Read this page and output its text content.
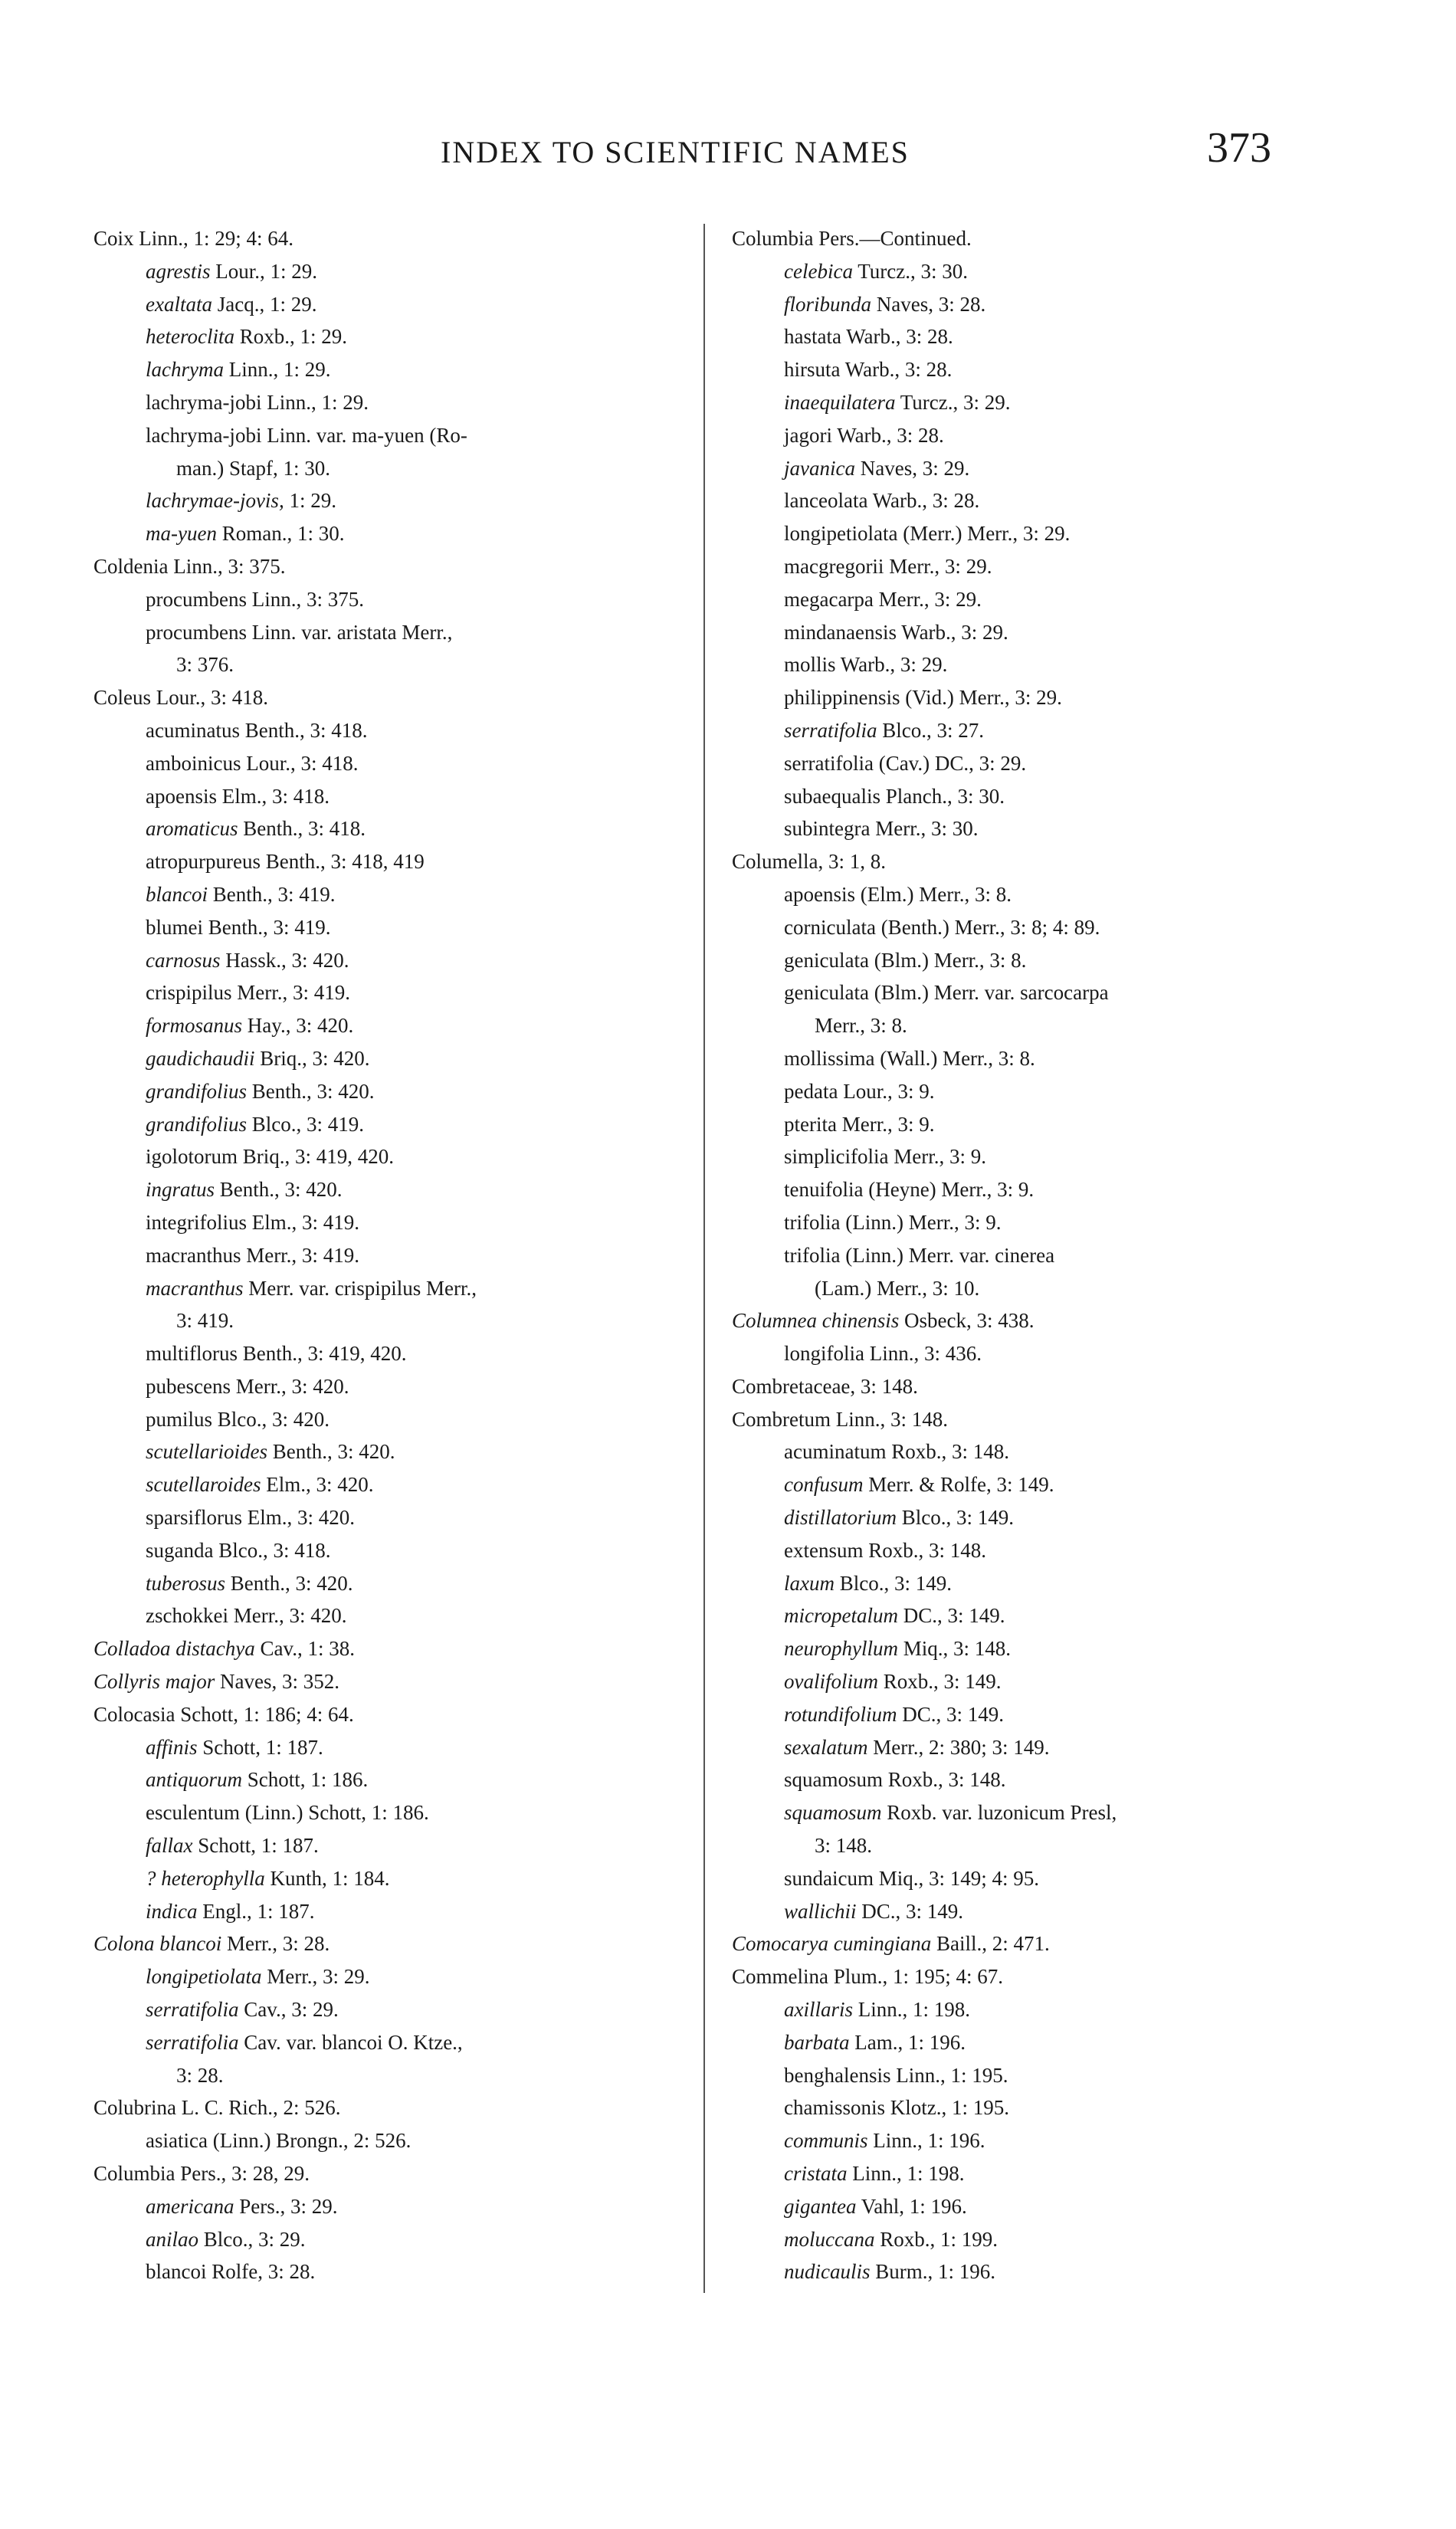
INDEX TO SCIENTIFIC NAMES	373
Coix Linn., 1: 29; 4: 64.
agrestis Lour., 1: 29.
exaltata Jacq., 1: 29.
heteroclita Roxb., 1: 29.
lachryma Linn., 1: 29.
lachryma-jobi Linn., 1: 29.
lachryma-jobi Linn. var. ma-yuen (Ro-
man.) Stapf, 1: 30.
lachrymae-jovis, 1: 29.
ma-yuen Roman., 1: 30.
Coldenia Linn., 3: 375.
procumbens Linn., 3: 375.
procumbens Linn. var. aristata Merr.,
3: 376.
Coleus Lour., 3: 418.
acuminatus Benth., 3: 418.
amboinicus Lour., 3: 418.
apoensis Elm., 3: 418.
aromaticus Benth., 3: 418.
atropurpureus Benth., 3: 418, 419
blancoi Benth., 3: 419.
blumei Benth., 3: 419.
carnosus Hassk., 3: 420.
crispipilus Merr., 3: 419.
formosanus Hay., 3: 420.
gaudichaudii Briq., 3: 420.
grandifolius Benth., 3: 420.
grandifolius Blco., 3: 419.
igolotorum Briq., 3: 419, 420.
ingratus Benth., 3: 420.
integrifolius Elm., 3: 419.
macranthus Merr., 3: 419.
macranthus Merr. var. crispipilus Merr.,
3: 419.
multiflorus Benth., 3: 419, 420.
pubescens Merr., 3: 420.
pumilus Blco., 3: 420.
scutellarioides Benth., 3: 420.
scutellaroides Elm., 3: 420.
sparsiflorus Elm., 3: 420.
suganda Blco., 3: 418.
tuberosus Benth., 3: 420.
zschokkei Merr., 3: 420.
Colladoa distachya Cav., 1: 38.
Collyris major Naves, 3: 352.
Colocasia Schott, 1: 186; 4: 64.
affinis Schott, 1: 187.
antiquorum Schott, 1: 186.
esculentum (Linn.) Schott, 1: 186.
fallax Schott, 1: 187.
? heterophylla Kunth, 1: 184.
indica Engl., 1: 187.
Colona blancoi Merr., 3: 28.
longipetiolata Merr., 3: 29.
serratifolia Cav., 3: 29.
serratifolia Cav. var. blancoi O. Ktze.,
3: 28.
Colubrina L. C. Rich., 2: 526.
asiatica (Linn.) Brongn., 2: 526.
Columbia Pers., 3: 28, 29.
americana Pers., 3: 29.
anilao Blco., 3: 29.
blancoi Rolfe, 3: 28.
Columbia Pers.—Continued.
celebica Turcz., 3: 30.
floribunda Naves, 3: 28.
hastata Warb., 3: 28.
hirsuta Warb., 3: 28.
inaequilatera Turcz., 3: 29.
jagori Warb., 3: 28.
javanica Naves, 3: 29.
lanceolata Warb., 3: 28.
longipetiolata (Merr.) Merr., 3: 29.
macgregorii Merr., 3: 29.
megacarpa Merr., 3: 29.
mindanaensis Warb., 3: 29.
mollis Warb., 3: 29.
philippinensis (Vid.) Merr., 3: 29.
serratifolia Blco., 3: 27.
serratifolia (Cav.) DC., 3: 29.
subaequalis Planch., 3: 30.
subintegra Merr., 3: 30.
Columella, 3: 1, 8.
apoensis (Elm.) Merr., 3: 8.
corniculata (Benth.) Merr., 3: 8; 4: 89.
geniculata (Blm.) Merr., 3: 8.
geniculata (Blm.) Merr. var. sarcocarpa
Merr., 3: 8.
mollissima (Wall.) Merr., 3: 8.
pedata Lour., 3: 9.
pterita Merr., 3: 9.
simplicifolia Merr., 3: 9.
tenuifolia (Heyne) Merr., 3: 9.
trifolia (Linn.) Merr., 3: 9.
trifolia (Linn.) Merr. var. cinerea
(Lam.) Merr., 3: 10.
Columnea chinensis Osbeck, 3: 438.
longifolia Linn., 3: 436.
Combretaceae, 3: 148.
Combretum Linn., 3: 148.
acuminatum Roxb., 3: 148.
confusum Merr. & Rolfe, 3: 149.
distillatorium Blco., 3: 149.
extensum Roxb., 3: 148.
laxum Blco., 3: 149.
micropetalum DC., 3: 149.
neurophyllum Miq., 3: 148.
ovalifolium Roxb., 3: 149.
rotundifolium DC., 3: 149.
sexalatum Merr., 2: 380; 3: 149.
squamosum Roxb., 3: 148.
squamosum Roxb. var. luzonicum Presl,
3: 148.
sundaicum Miq., 3: 149; 4: 95.
wallichii DC., 3: 149.
Comocarya cumingiana Baill., 2: 471.
Commelina Plum., 1: 195; 4: 67.
axillaris Linn., 1: 198.
barbata Lam., 1: 196.
benghalensis Linn., 1: 195.
chamissonis Klotz., 1: 195.
communis Linn., 1: 196.
cristata Linn., 1: 198.
gigantea Vahl, 1: 196.
moluccana Roxb., 1: 199.
nudicaulis Burm., 1: 196.
